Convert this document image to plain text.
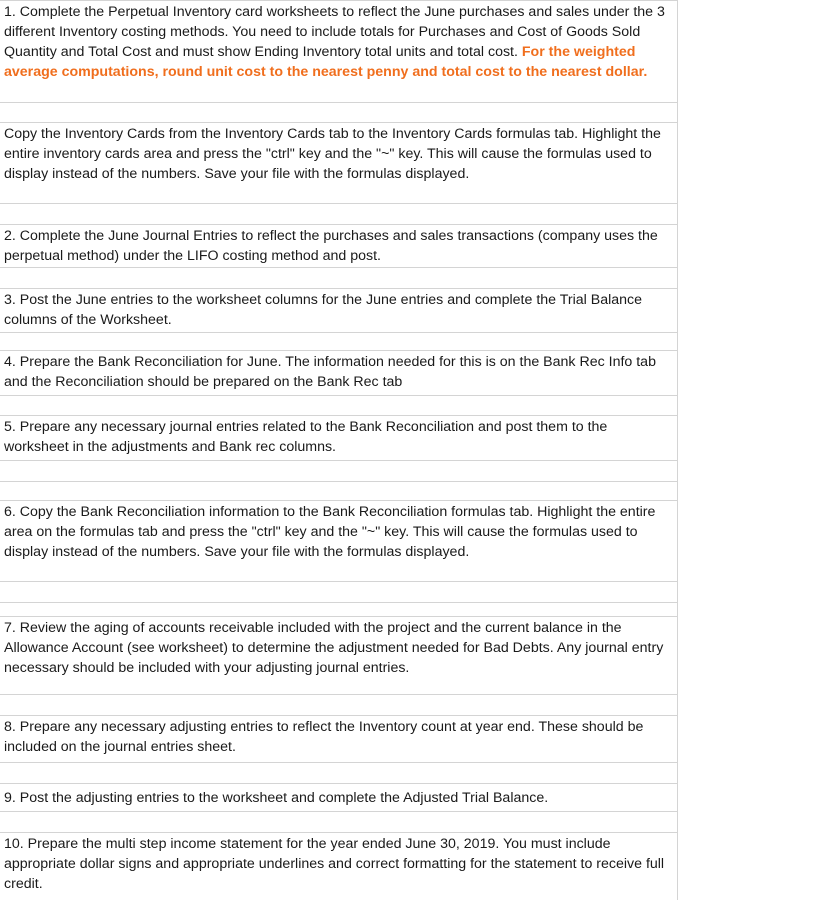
1. Complete the Perpetual Inventory card worksheets to reflect the June purchases and sales under the 3 different Inventory costing methods. You need to include totals for Purchases and Cost of Goods Sold Quantity and Total Cost and must show Ending Inventory total units and total cost. For the weighted average computations, round unit cost to the nearest penny and total cost to the nearest dollar.
Copy the Inventory Cards from the Inventory Cards tab to the Inventory Cards formulas tab. Highlight the entire inventory cards area and press the "ctrl" key and the "~" key. This will cause the formulas used to display instead of the numbers. Save your file with the formulas displayed.
2. Complete the June Journal Entries to reflect the purchases and sales transactions (company uses the perpetual method) under the LIFO costing method and post.
3. Post the June entries to the worksheet columns for the June entries and complete the Trial Balance columns of the Worksheet.
4. Prepare the Bank Reconciliation for June. The information needed for this is on the Bank Rec Info tab and the Reconciliation should be prepared on the Bank Rec tab
5. Prepare any necessary journal entries related to the Bank Reconciliation and post them to the worksheet in the adjustments and Bank rec columns.
6. Copy the Bank Reconciliation information to the Bank Reconciliation formulas tab. Highlight the entire area on the formulas tab and press the "ctrl" key and the "~" key. This will cause the formulas used to display instead of the numbers. Save your file with the formulas displayed.
7. Review the aging of accounts receivable included with the project and the current balance in the Allowance Account (see worksheet) to determine the adjustment needed for Bad Debts. Any journal entry necessary should be included with your adjusting journal entries.
8. Prepare any necessary adjusting entries to reflect the Inventory count at year end. These should be included on the journal entries sheet.
9. Post the adjusting entries to the worksheet and complete the Adjusted Trial Balance.
10. Prepare the multi step income statement for the year ended June 30, 2019. You must include appropriate dollar signs and appropriate underlines and correct formatting for the statement to receive full credit.
